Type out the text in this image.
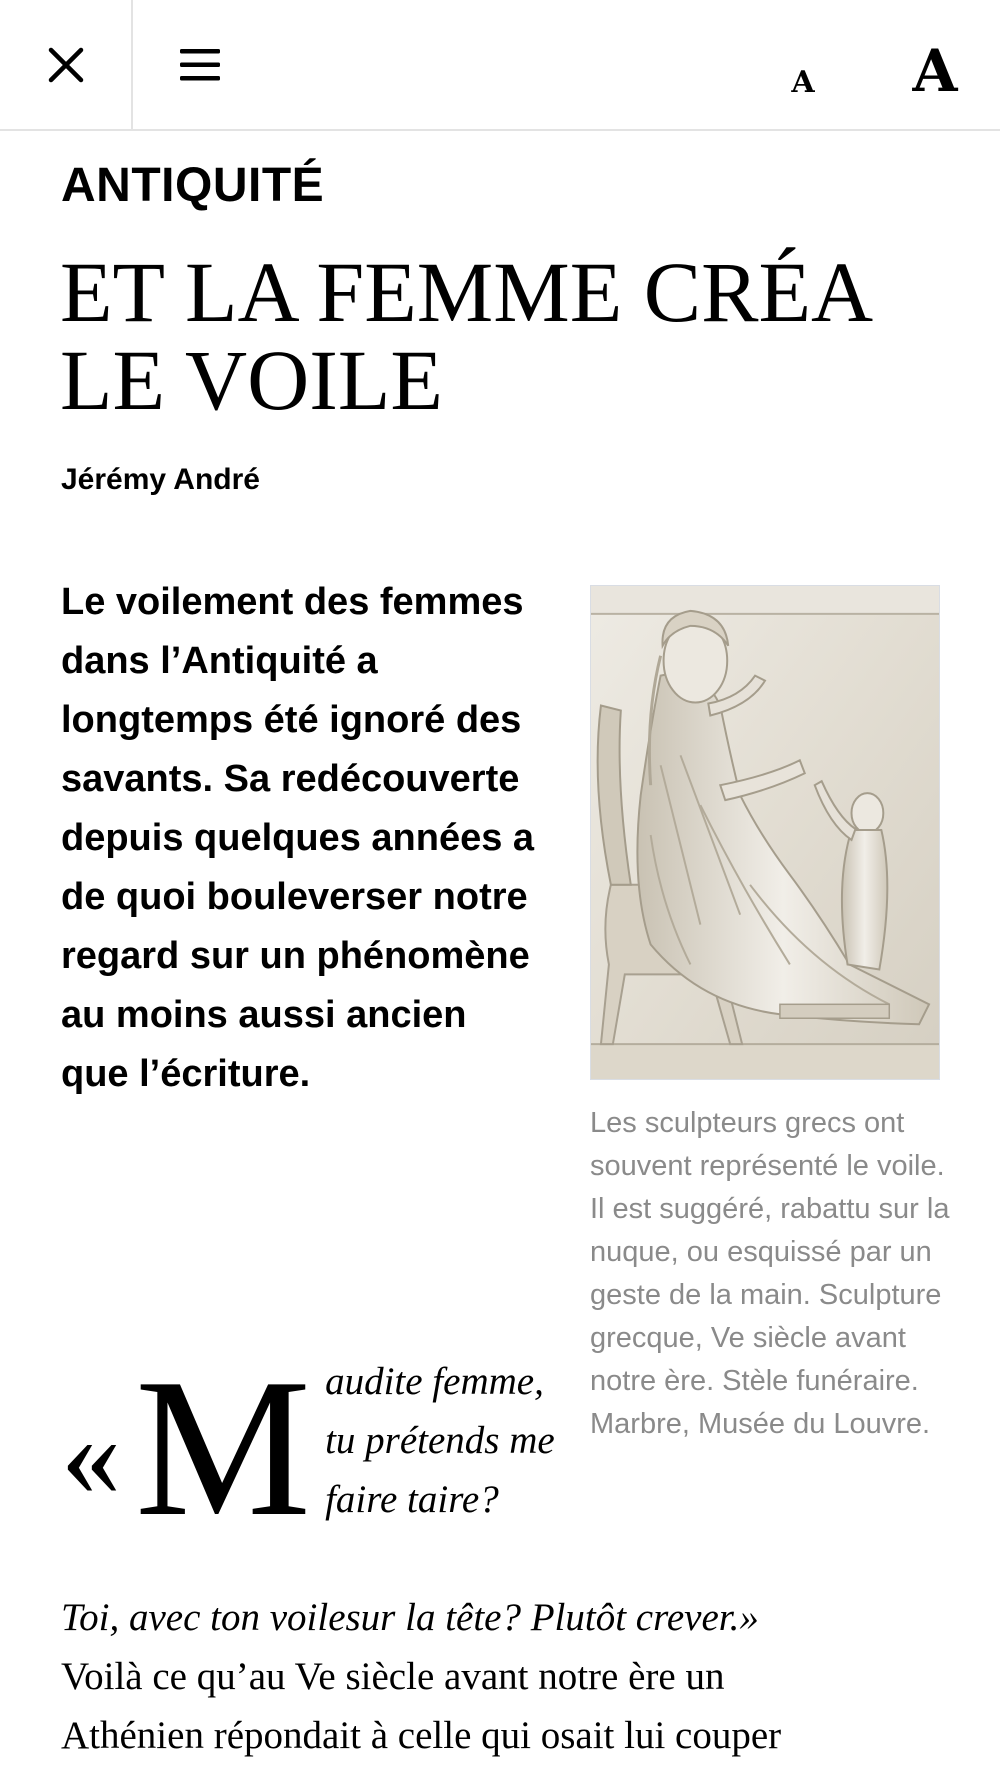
A	A
ANTIQUITÉ
ET LA FEMME CRÉA LE VOILE
Jérémy André

Le voilement des femmes dans l’Antiquité a longtemps été ignoré des savants. Sa redécouverte depuis quelques années a de quoi bouleverser notre regard sur un phénomène au moins aussi ancien que l’écriture.

Les sculpteurs grecs ont souvent représenté le voile. Il est suggéré, rabattu sur la nuque, ou esquissé par un geste de la main. Sculpture grecque, Ve siècle avant notre ère. Stèle funéraire. Marbre, Musée du Louvre.
« M audite femme, tu prétends me faire taire?
Toi, avec ton voilesur la tête? Plutôt crever.»
Voilà ce qu’au Ve siècle avant notre ère un
Athénien répondait à celle qui osait lui couper
